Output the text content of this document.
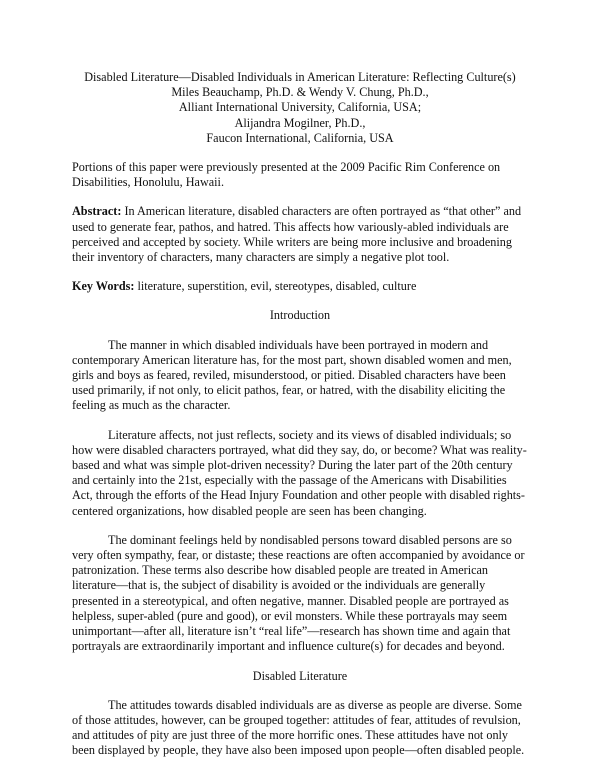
Disabled Literature—Disabled Individuals in American Literature: Reflecting Culture(s)
Miles Beauchamp, Ph.D. & Wendy V. Chung, Ph.D.,
Alliant International University, California, USA;
Alijandra Mogilner, Ph.D.,
Faucon International, California, USA

Portions of this paper were previously presented at the 2009 Pacific Rim Conference on Disabilities, Honolulu, Hawaii.

Abstract: In American literature, disabled characters are often portrayed as “that other” and used to generate fear, pathos, and hatred. This affects how variously-abled individuals are perceived and accepted by society. While writers are being more inclusive and broadening their inventory of characters, many characters are simply a negative plot tool.

Key Words: literature, superstition, evil, stereotypes, disabled, culture

Introduction

The manner in which disabled individuals have been portrayed in modern and contemporary American literature has, for the most part, shown disabled women and men, girls and boys as feared, reviled, misunderstood, or pitied. Disabled characters have been used primarily, if not only, to elicit pathos, fear, or hatred, with the disability eliciting the feeling as much as the character.

Literature affects, not just reflects, society and its views of disabled individuals; so how were disabled characters portrayed, what did they say, do, or become? What was reality-based and what was simple plot-driven necessity? During the later part of the 20th century and certainly into the 21st, especially with the passage of the Americans with Disabilities Act, through the efforts of the Head Injury Foundation and other people with disabled rights-centered organizations, how disabled people are seen has been changing.

The dominant feelings held by nondisabled persons toward disabled persons are so very often sympathy, fear, or distaste; these reactions are often accompanied by avoidance or patronization. These terms also describe how disabled people are treated in American literature—that is, the subject of disability is avoided or the individuals are generally presented in a stereotypical, and often negative, manner. Disabled people are portrayed as helpless, super-abled (pure and good), or evil monsters. While these portrayals may seem unimportant—after all, literature isn’t “real life”—research has shown time and again that portrayals are extraordinarily important and influence culture(s) for decades and beyond.

Disabled Literature

The attitudes towards disabled individuals are as diverse as people are diverse. Some of those attitudes, however, can be grouped together: attitudes of fear, attitudes of revulsion, and attitudes of pity are just three of the more horrific ones. These attitudes have not only been displayed by people, they have also been imposed upon people—often disabled people.
